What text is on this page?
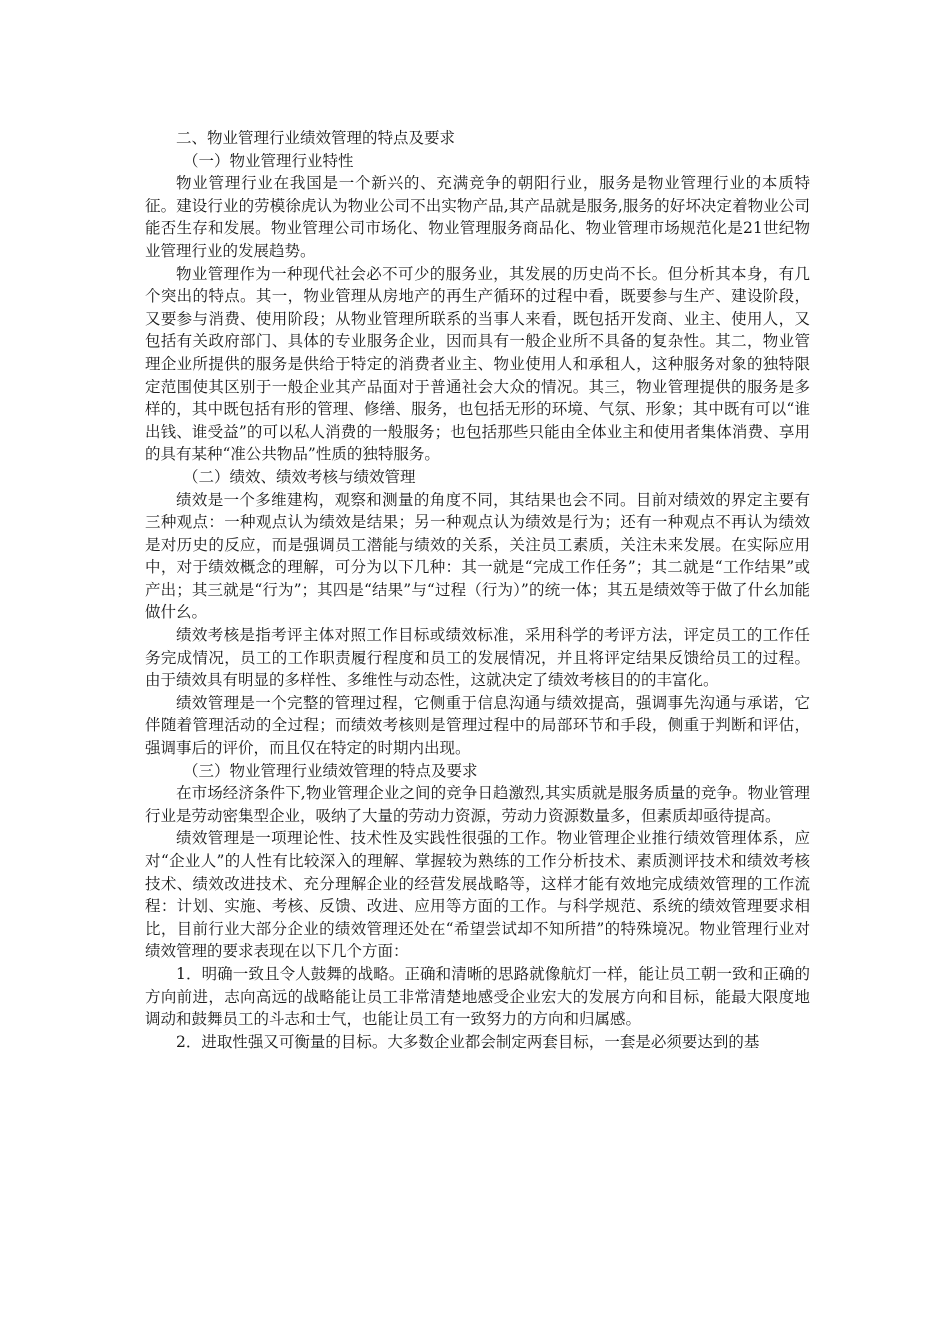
二、物业管理行业绩效管理的特点及要求

（一）物业管理行业特性

物业管理行业在我国是一个新兴的、充满竞争的朝阳行业，服务是物业管理行业的本质特征。建设行业的劳模徐虎认为物业公司不出实物产品,其产品就是服务,服务的好坏决定着物业公司能否生存和发展。物业管理公司市场化、物业管理服务商品化、物业管理市场规范化是21世纪物业管理行业的发展趋势。

物业管理作为一种现代社会必不可少的服务业，其发展的历史尚不长。但分析其本身，有几个突出的特点。其一，物业管理从房地产的再生产循环的过程中看，既要参与生产、建设阶段，又要参与消费、使用阶段；从物业管理所联系的当事人来看，既包括开发商、业主、使用人，又包括有关政府部门、具体的专业服务企业，因而具有一般企业所不具备的复杂性。其二，物业管理企业所提供的服务是供给于特定的消费者业主、物业使用人和承租人，这种服务对象的独特限定范围使其区别于一般企业其产品面对于普通社会大众的情况。其三，物业管理提供的服务是多样的，其中既包括有形的管理、修缮、服务，也包括无形的环境、气氛、形象；其中既有可以“谁出钱、谁受益”的可以私人消费的一般服务；也包括那些只能由全体业主和使用者集体消费、享用的具有某种“准公共物品”性质的独特服务。

（二）绩效、绩效考核与绩效管理

绩效是一个多维建构，观察和测量的角度不同，其结果也会不同。目前对绩效的界定主要有三种观点：一种观点认为绩效是结果；另一种观点认为绩效是行为；还有一种观点不再认为绩效是对历史的反应，而是强调员工潜能与绩效的关系，关注员工素质，关注未来发展。在实际应用中，对于绩效概念的理解，可分为以下几种：其一就是“完成工作任务”；其二就是“工作结果”或产出；其三就是“行为”；其四是“结果”与“过程（行为）”的统一体；其五是绩效等于做了什幺加能做什幺。

绩效考核是指考评主体对照工作目标或绩效标准，采用科学的考评方法，评定员工的工作任务完成情况，员工的工作职责履行程度和员工的发展情况，并且将评定结果反馈给员工的过程。由于绩效具有明显的多样性、多维性与动态性，这就决定了绩效考核目的的丰富化。

绩效管理是一个完整的管理过程，它侧重于信息沟通与绩效提高，强调事先沟通与承诺，它伴随着管理活动的全过程；而绩效考核则是管理过程中的局部环节和手段，侧重于判断和评估，强调事后的评价，而且仅在特定的时期内出现。

（三）物业管理行业绩效管理的特点及要求

在市场经济条件下,物业管理企业之间的竞争日趋激烈,其实质就是服务质量的竞争。物业管理行业是劳动密集型企业，吸纳了大量的劳动力资源，劳动力资源数量多，但素质却亟待提高。

绩效管理是一项理论性、技术性及实践性很强的工作。物业管理企业推行绩效管理体系，应对“企业人”的人性有比较深入的理解、掌握较为熟练的工作分析技术、素质测评技术和绩效考核技术、绩效改进技术、充分理解企业的经营发展战略等，这样才能有效地完成绩效管理的工作流程：计划、实施、考核、反馈、改进、应用等方面的工作。与科学规范、系统的绩效管理要求相比，目前行业大部分企业的绩效管理还处在“希望尝试却不知所措”的特殊境况。物业管理行业对绩效管理的要求表现在以下几个方面：

1．明确一致且令人鼓舞的战略。正确和清晰的思路就像航灯一样，能让员工朝一致和正确的方向前进，志向高远的战略能让员工非常清楚地感受企业宏大的发展方向和目标，能最大限度地调动和鼓舞员工的斗志和士气，也能让员工有一致努力的方向和归属感。

2．进取性强又可衡量的目标。大多数企业都会制定两套目标，一套是必须要达到的基
